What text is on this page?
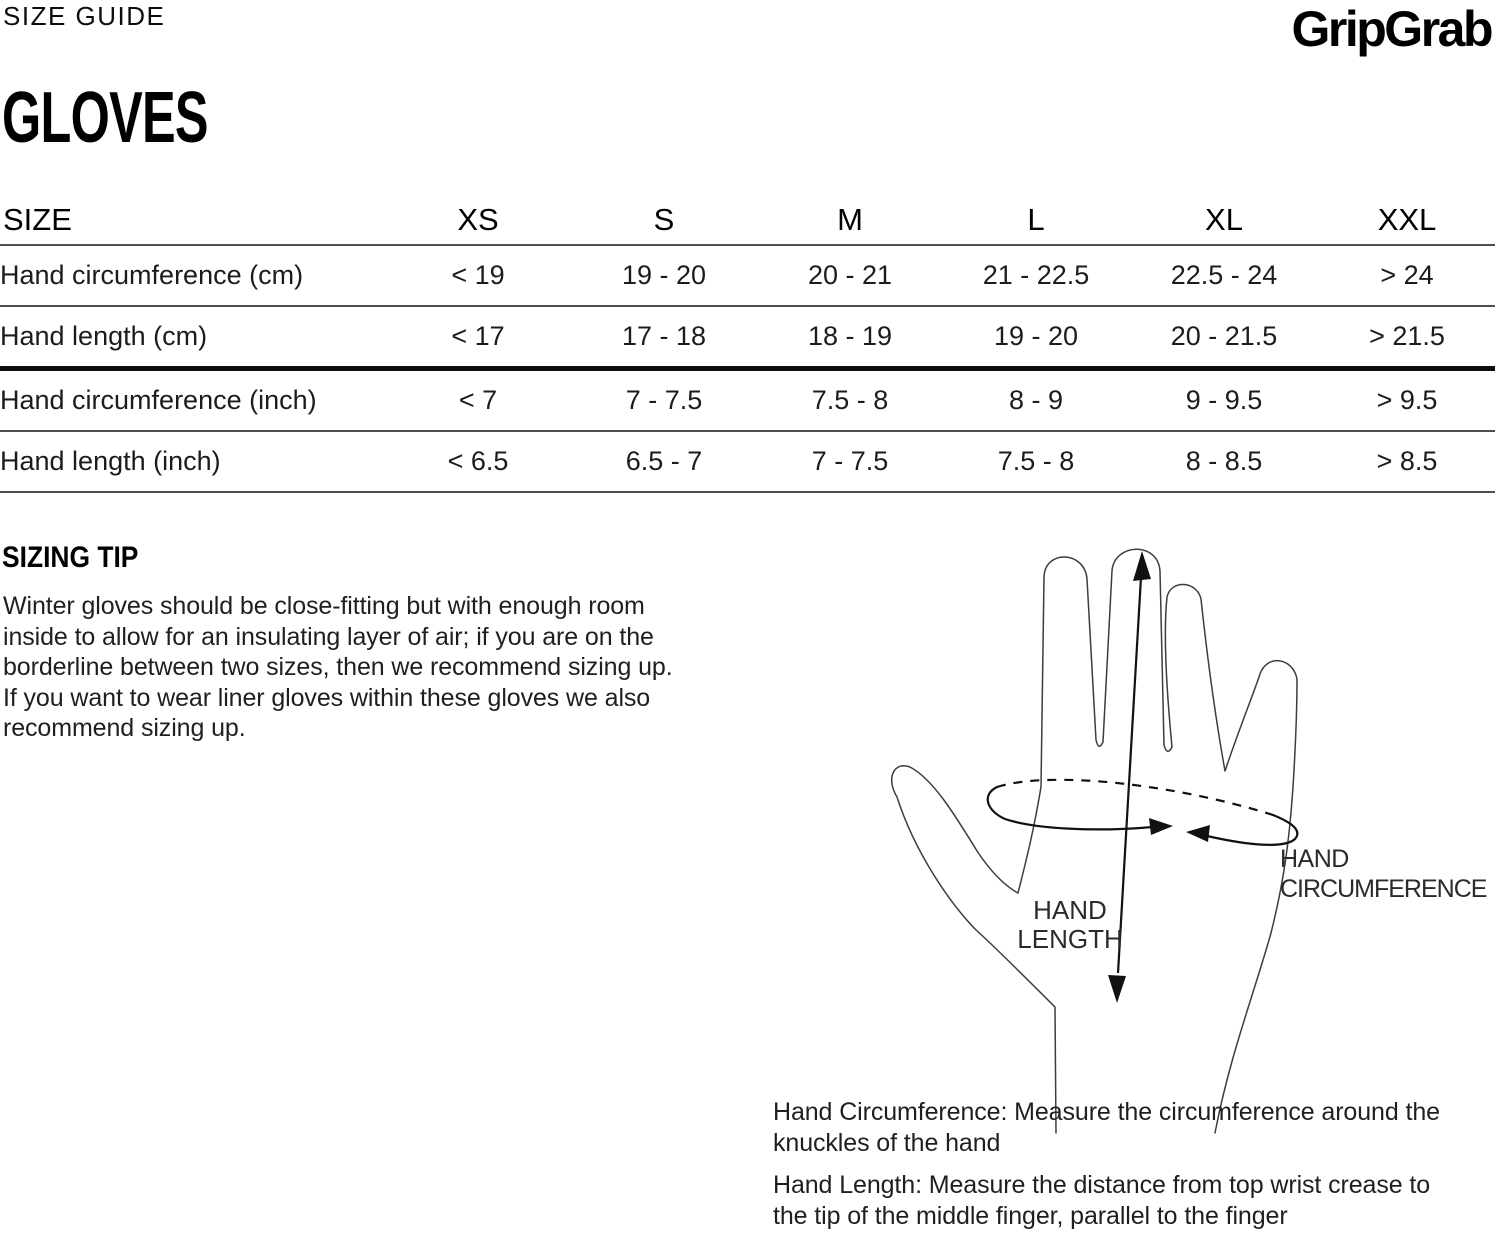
SIZE GUIDE	GripGrab
GLOVES
SIZE	XS	S	M	L	XL	XXL
Hand circumference (cm)	< 19	19 - 20	20 - 21	21 - 22.5	22.5 - 24	> 24
Hand length (cm)	< 17	17 - 18	18 - 19	19 - 20	20 - 21.5	> 21.5
Hand circumference (inch)	< 7	7 - 7.5	7.5 - 8	8 - 9	9 - 9.5	> 9.5
Hand length (inch)	< 6.5	6.5 - 7	7 - 7.5	7.5 - 8	8 - 8.5	> 8.5
SIZING TIP
Winter gloves should be close-fitting but with enough room
inside to allow for an insulating layer of air; if you are on the
borderline between two sizes, then we recommend sizing up.
If you want to wear liner gloves within these gloves we also
recommend sizing up.
HAND
LENGTH
HAND
CIRCUMFERENCE
Hand Circumference: Measure the circumference around the
knuckles of the hand
Hand Length: Measure the distance from top wrist crease to
the tip of the middle finger, parallel to the finger
